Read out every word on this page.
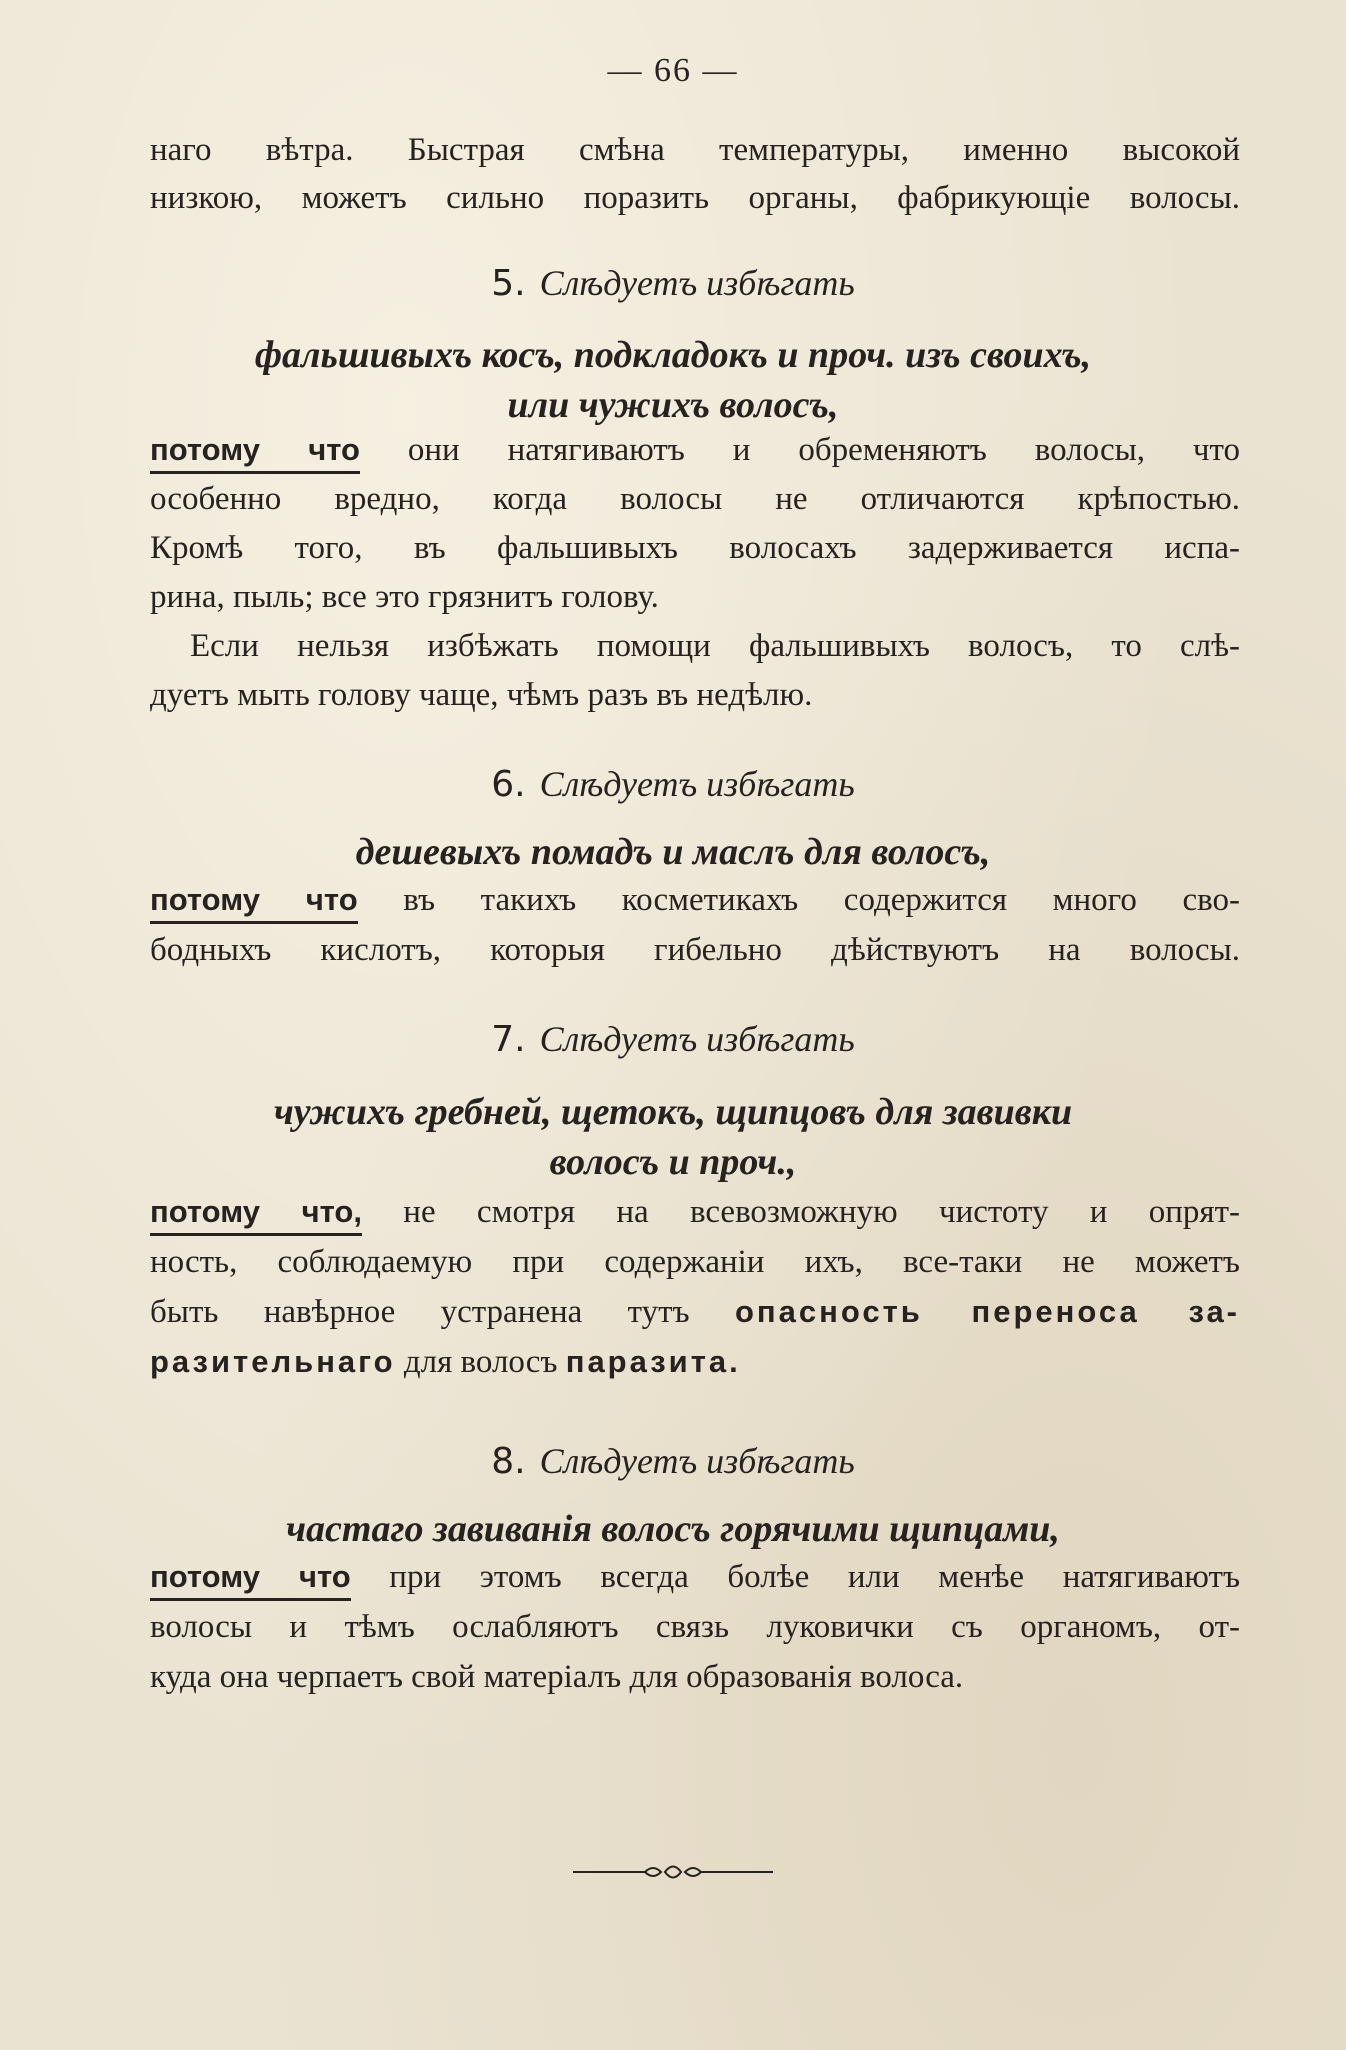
— 66 —
наго вѣтра. Быстрая смѣна температуры, именно высокой
низкою, можетъ сильно поразить органы, фабрикующіе волосы.
5. Слѣдуетъ избѣгать
фальшивыхъ косъ, подкладокъ и проч. изъ своихъ,
или чужихъ волосъ,
потому что они натягиваютъ и обременяютъ волосы, что
особенно вредно, когда волосы не отличаются крѣпостью.
Кромѣ того, въ фальшивыхъ волосахъ задерживается испа-
рина, пыль; все это грязнитъ голову.
Если нельзя избѣжать помощи фальшивыхъ волосъ, то слѣ-
дуетъ мыть голову чаще, чѣмъ разъ въ недѣлю.
6. Слѣдуетъ избѣгать
дешевыхъ помадъ и маслъ для волосъ,
потому что въ такихъ косметикахъ содержится много сво-
бодныхъ кислотъ, которыя гибельно дѣйствуютъ на волосы.
7. Слѣдуетъ избѣгать
чужихъ гребней, щетокъ, щипцовъ для завивки
волосъ и проч.,
потому что, не смотря на всевозможную чистоту и опрят-
ность, соблюдаемую при содержаніи ихъ, все-таки не можетъ
быть навѣрное устранена тутъ опасность переноса за-
разительнаго для волосъ паразита.
8. Слѣдуетъ избѣгать
частаго завиванія волосъ горячими щипцами,
потому что при этомъ всегда болѣе или менѣе натягиваютъ
волосы и тѣмъ ослабляютъ связь луковички съ органомъ, от-
куда она черпаетъ свой матеріалъ для образованія волоса.
